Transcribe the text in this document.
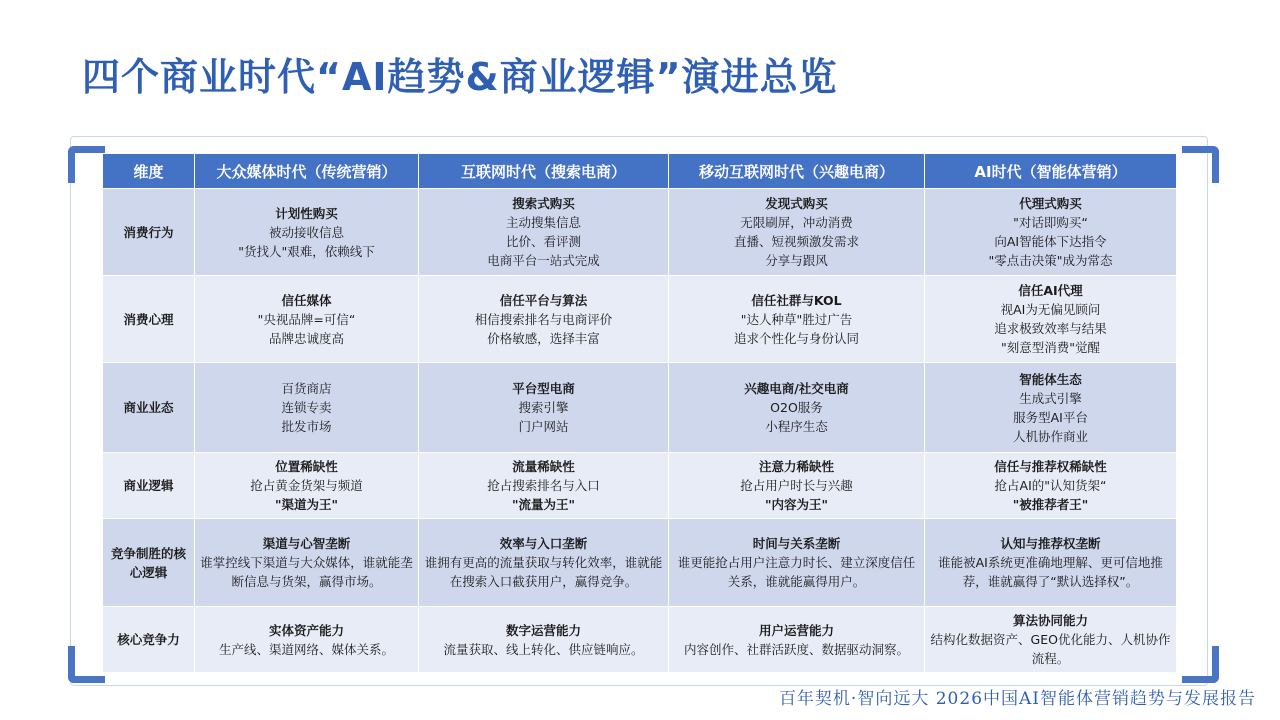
四个商业时代“AI趋势&商业逻辑”演进总览
维度	大众媒体时代（传统营销）	互联网时代（搜索电商）	移动互联网时代（兴趣电商）	AI时代（智能体营销）
消费行为	计划性购买
被动接收信息
"货找人"艰难，依赖线下	搜索式购买
主动搜集信息
比价、看评测
电商平台一站式完成	发现式购买
无限刷屏，冲动消费
直播、短视频激发需求
分享与跟风	代理式购买
"对话即购买“
向AI智能体下达指令
"零点击决策"成为常态

消费心理	信任媒体
"央视品牌=可信“
品牌忠诚度高	信任平台与算法
相信搜索排名与电商评价
价格敏感，选择丰富	信任社群与KOL
"达人种草"胜过广告
追求个性化与身份认同	信任AI代理
视AI为无偏见顾问
追求极致效率与结果
"刻意型消费"觉醒

商业业态	百货商店
连锁专卖
批发市场	平台型电商
搜索引擎
门户网站	兴趣电商/社交电商
O2O服务
小程序生态	智能体生态
生成式引擎
服务型AI平台
人机协作商业

商业逻辑	位置稀缺性
抢占黄金货架与频道
"渠道为王"	流量稀缺性
抢占搜索排名与入口
"流量为王"	注意力稀缺性
抢占用户时长与兴趣
"内容为王"	信任与推荐权稀缺性
抢占AI的"认知货架“
"被推荐者王"

竞争制胜的核心逻辑	渠道与心智垄断
谁掌控线下渠道与大众媒体，谁就能垄断信息与货架，赢得市场。	效率与入口垄断
谁拥有更高的流量获取与转化效率，谁就能在搜索入口截获用户，赢得竞争。	时间与关系垄断
谁更能抢占用户注意力时长、建立深度信任关系，谁就能赢得用户。	认知与推荐权垄断
谁能被AI系统更准确地理解、更可信地推荐，谁就赢得了“默认选择权”。

核心竞争力	实体资产能力
生产线、渠道网络、媒体关系。	数字运营能力
流量获取、线上转化、供应链响应。	用户运营能力
内容创作、社群活跃度、数据驱动洞察。	算法协同能力
结构化数据资产、GEO优化能力、人机协作流程。
百年契机·智向远大 2026中国AI智能体营销趋势与发展报告
